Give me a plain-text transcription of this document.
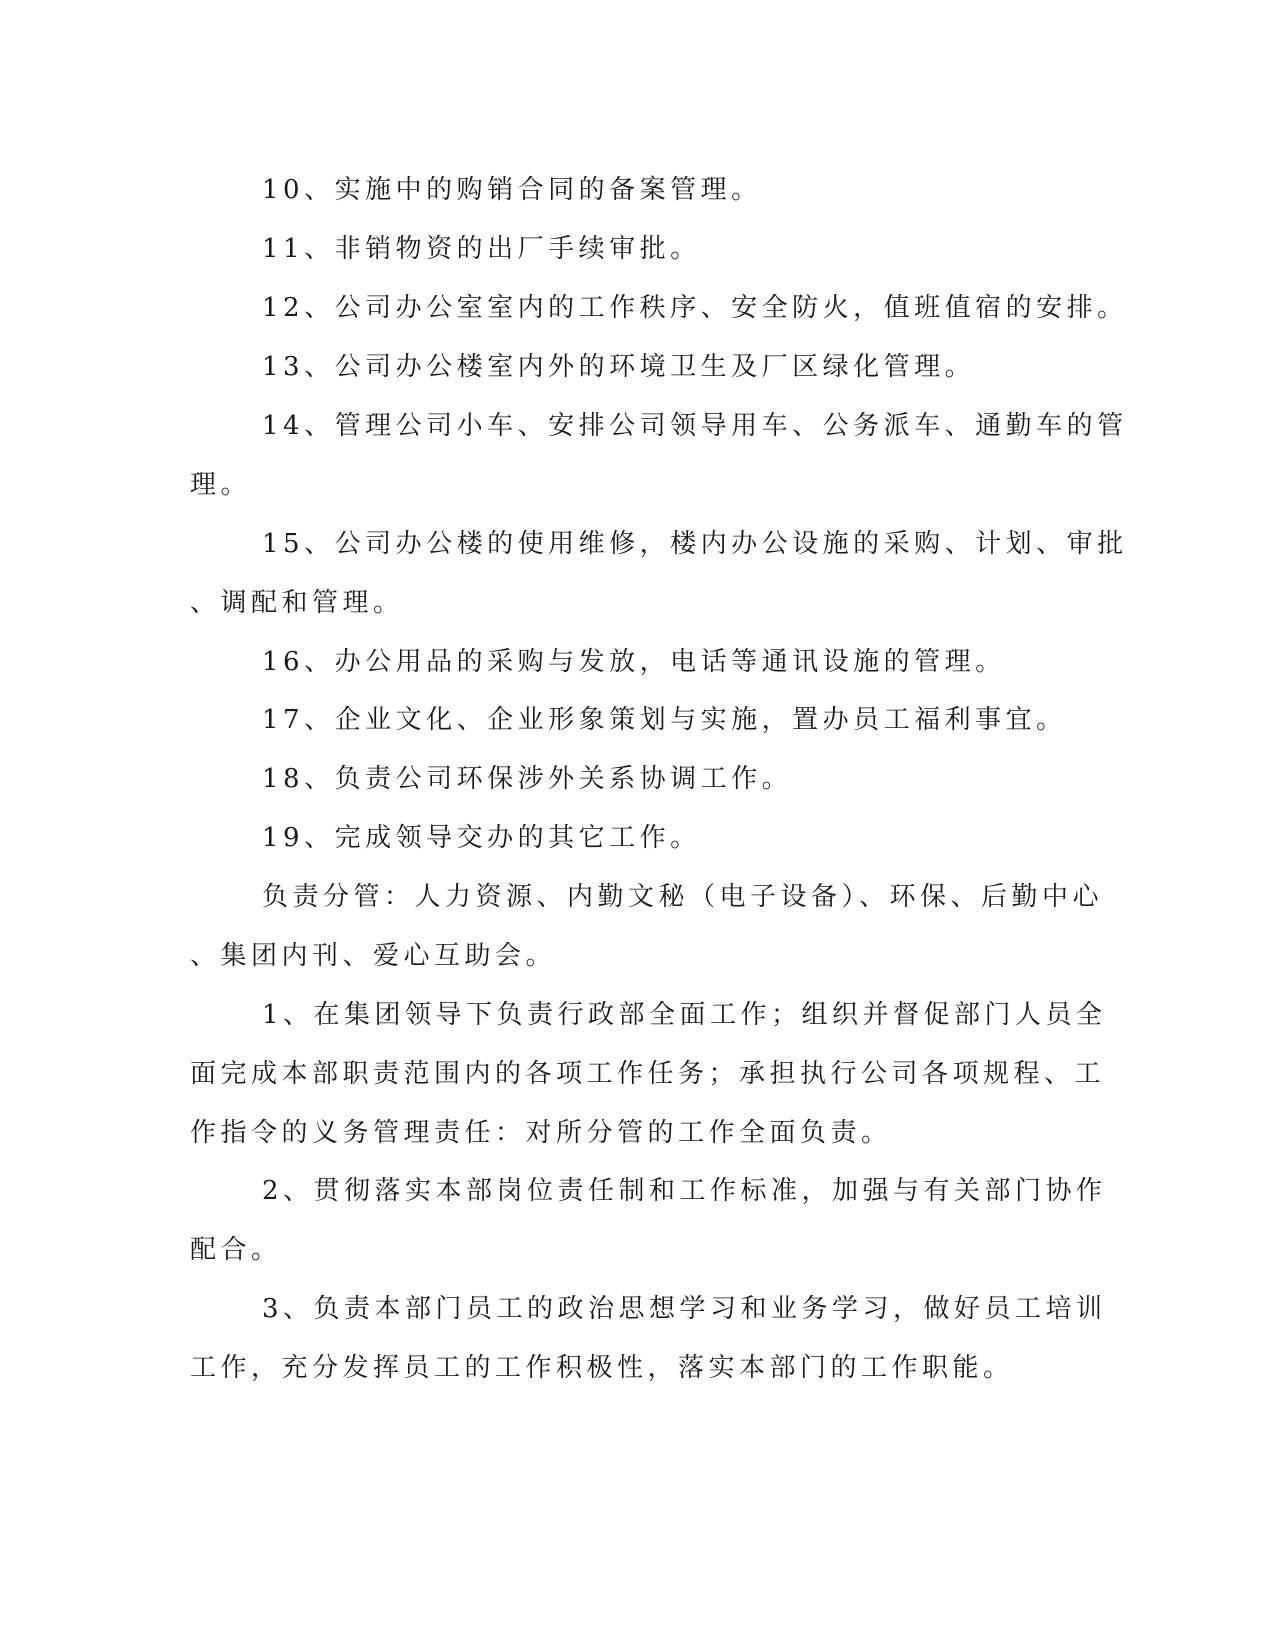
10、实施中的购销合同的备案管理。
11、非销物资的出厂手续审批。
12、公司办公室室内的工作秩序、安全防火，值班值宿的安排。
13、公司办公楼室内外的环境卫生及厂区绿化管理。
14、管理公司小车、安排公司领导用车、公务派车、通勤车的管
理。
15、公司办公楼的使用维修，楼内办公设施的采购、计划、审批
、调配和管理。
16、办公用品的采购与发放，电话等通讯设施的管理。
17、企业文化、企业形象策划与实施，置办员工福利事宜。
18、负责公司环保涉外关系协调工作。
19、完成领导交办的其它工作。
负责分管：人力资源、内勤文秘（电子设备）、环保、后勤中心
、集团内刊、爱心互助会。
1、在集团领导下负责行政部全面工作；组织并督促部门人员全
面完成本部职责范围内的各项工作任务；承担执行公司各项规程、工
作指令的义务管理责任：对所分管的工作全面负责。
2、贯彻落实本部岗位责任制和工作标准，加强与有关部门协作
配合。
3、负责本部门员工的政治思想学习和业务学习，做好员工培训
工作，充分发挥员工的工作积极性，落实本部门的工作职能。
